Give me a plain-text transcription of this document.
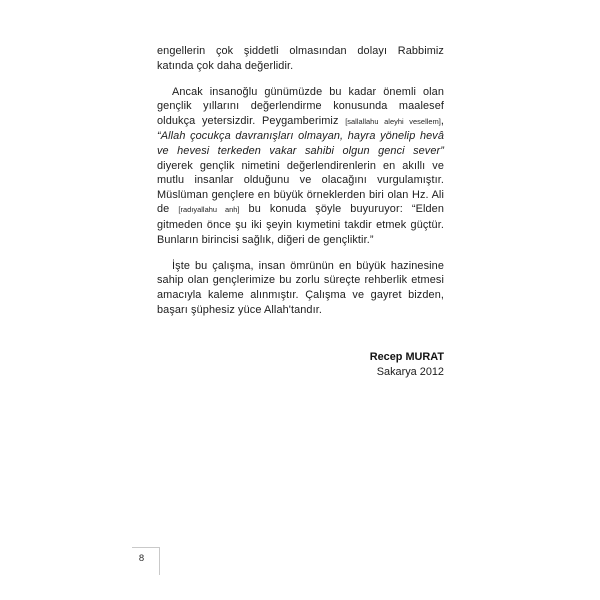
engellerin çok şiddetli olmasından dolayı Rabbimiz katında çok daha değerlidir.

Ancak insanoğlu günümüzde bu kadar önemli olan gençlik yıllarını değerlendirme konusunda maalesef oldukça yetersizdir. Peygamberimiz [sallallahu aleyhi vesellem], “Allah çocukça davranışları olmayan, hayra yönelip hevâ ve hevesi terkeden vakar sahibi olgun genci sever” diyerek gençlik nimetini değerlendirenlerin en akıllı ve mutlu insanlar olduğunu ve olacağını vurgulamıştır. Müslüman gençlere en büyük örneklerden biri olan Hz. Ali de [radıyallahu anh] bu konuda şöyle buyuruyor: “Elden gitmeden önce şu iki şeyin kıymetini takdir etmek güçtür. Bunların birincisi sağlık, diğeri de gençliktir.”

İşte bu çalışma, insan ömrünün en büyük hazinesine sahip olan gençlerimize bu zorlu süreçte rehberlik etmesi amacıyla kaleme alınmıştır. Çalışma ve gayret bizden, başarı şüphesiz yüce Allah'tandır.

Recep MURAT
Sakarya 2012
8
